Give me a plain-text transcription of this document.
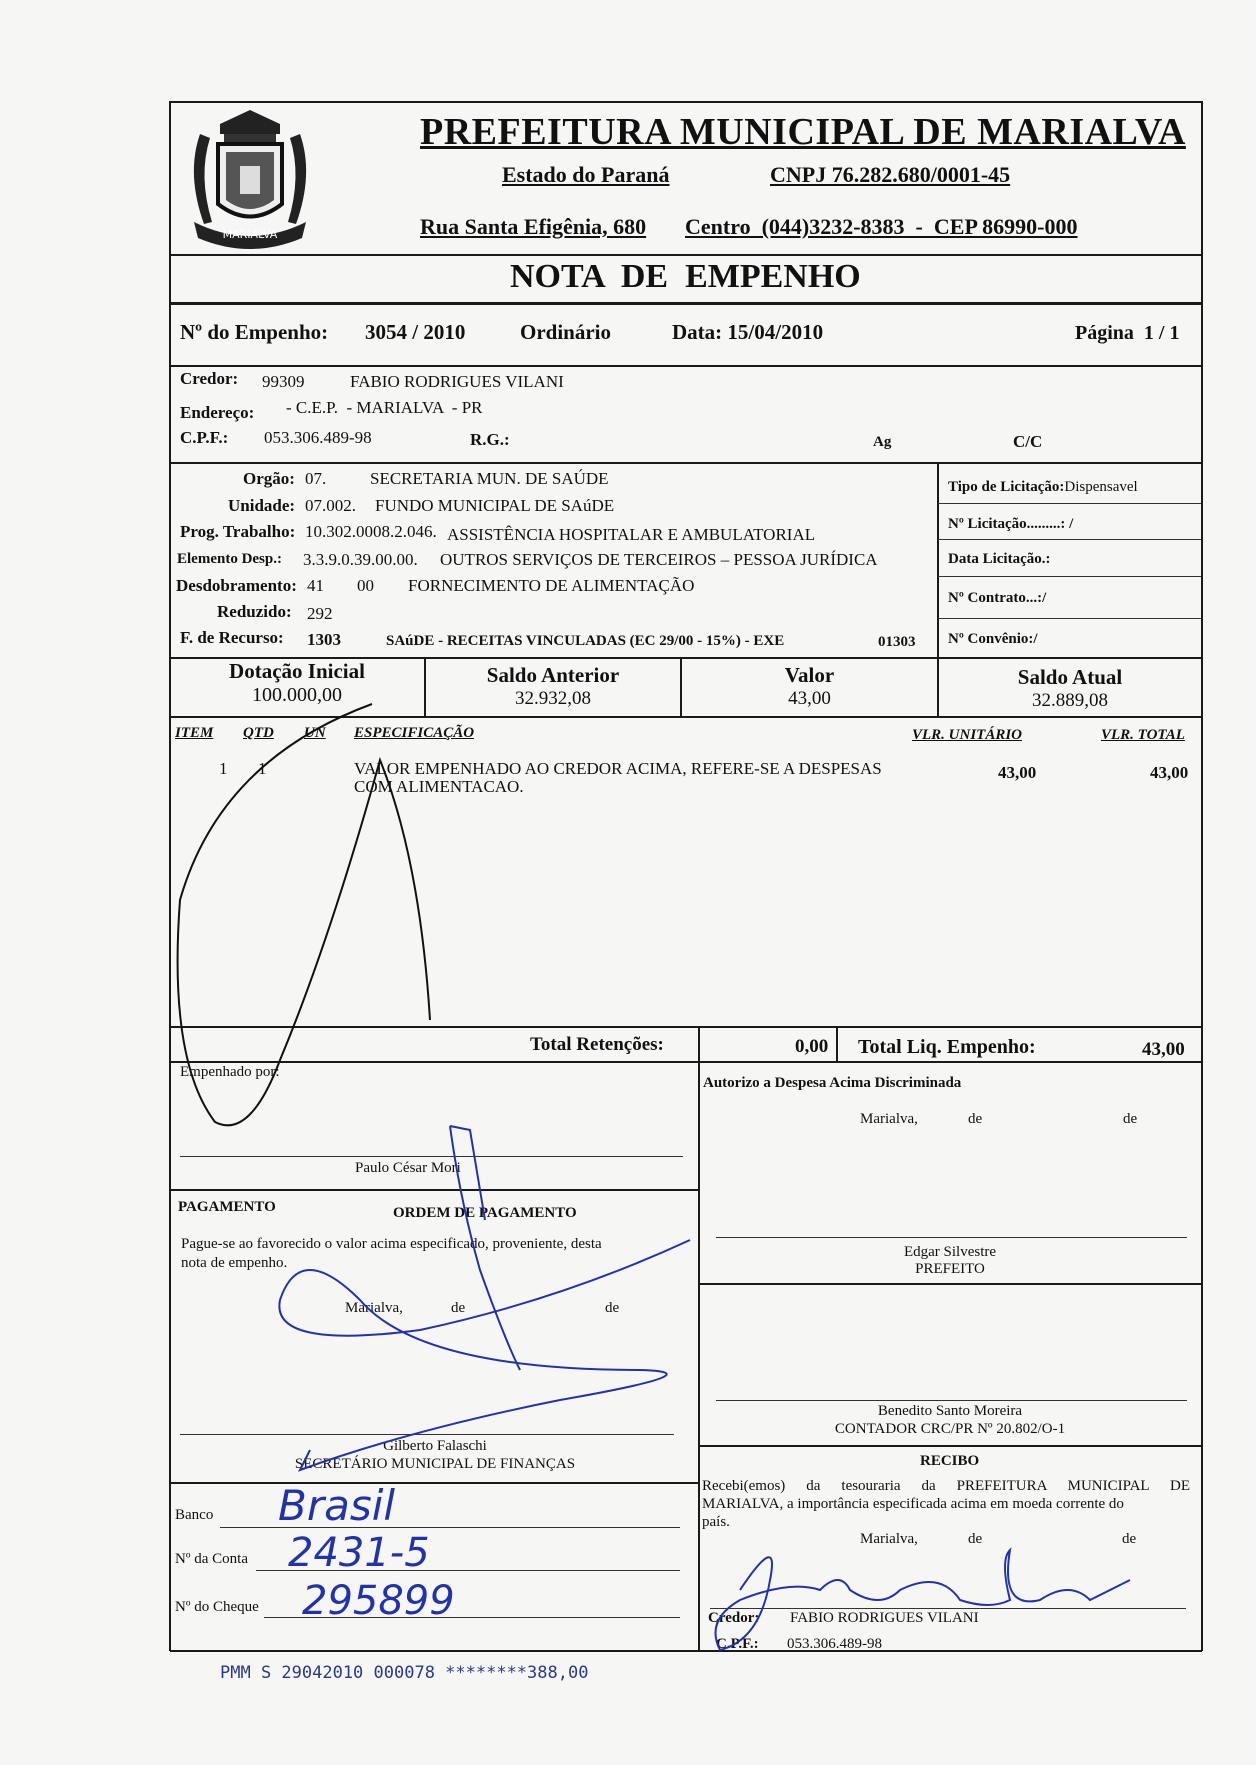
MARIALVA
PREFEITURA MUNICIPAL DE MARIALVA
Estado do Paraná	CNPJ 76.282.680/0001-45
Rua Santa Efigênia, 680 Centro  (044)3232-8383  -  CEP 86990-000
NOTA  DE  EMPENHO
Nº do Empenho: 3054 / 2010	Ordinário	Data: 15/04/2010	Página  1 / 1
Credor: 99309	FABIO RODRIGUES VILANI
Endereço: - C.E.P.  - MARIALVA  - PR
C.P.F.: 053.306.489-98	R.G.:	Ag	C/C
Orgão: 07.	SECRETARIA MUN. DE SAÚDE
Unidade: 07.002. FUNDO MUNICIPAL DE SAúDE
Prog. Trabalho: 10.302.0008.2.046. ASSISTÊNCIA HOSPITALAR E AMBULATORIAL
Elemento Desp.: 3.3.9.0.39.00.00. OUTROS SERVIÇOS DE TERCEIROS – PESSOA JURÍDICA
Desdobramento: 41 00 FORNECIMENTO DE ALIMENTAÇÃO
Reduzido: 292
F. de Recurso: 1303	SAúDE - RECEITAS VINCULADAS (EC 29/00 - 15%) - EXE	01303
Tipo de Licitação:Dispensavel
Nº Licitação.........: /
Data Licitação.:
Nº Contrato...:/
Nº Convênio:/
Dotação Inicial
100.000,00
Saldo Anterior
32.932,08
Valor
43,00
Saldo Atual
32.889,08
ITEM QTD UN ESPECIFICAÇÃO	VLR. UNITÁRIO	VLR. TOTAL
1 1	VALOR EMPENHADO AO CREDOR ACIMA, REFERE-SE A DESPESAS
COM ALIMENTACAO.
43,00	43,00
Total Retenções:	0,00 Total Liq. Empenho:	43,00
Empenhado por:
Paulo César Mori
Autorizo a Despesa Acima Discriminada
Marialva,	de	de
Edgar Silvestre
PREFEITO
PAGAMENTO	ORDEM DE PAGAMENTO
Pague-se ao favorecido o valor acima especificado, proveniente, desta
nota de empenho.
Marialva,	de	de
Gilberto Falaschi
SECRETÁRIO MUNICIPAL DE FINANÇAS
Banco Brasil
Nº da Conta 2431-5
Nº do Cheque 295899
Benedito Santo Moreira
CONTADOR CRC/PR Nº 20.802/O-1
RECIBO
Recebi(emos) da tesouraria da PREFEITURA MUNICIPAL DE
MARIALVA, a importância especificada acima em moeda corrente do
país.
Marialva,	de	de
Credor: FABIO RODRIGUES VILANI
C.P.F.: 053.306.489-98
PMM S 29042010 000078 ********388,00
